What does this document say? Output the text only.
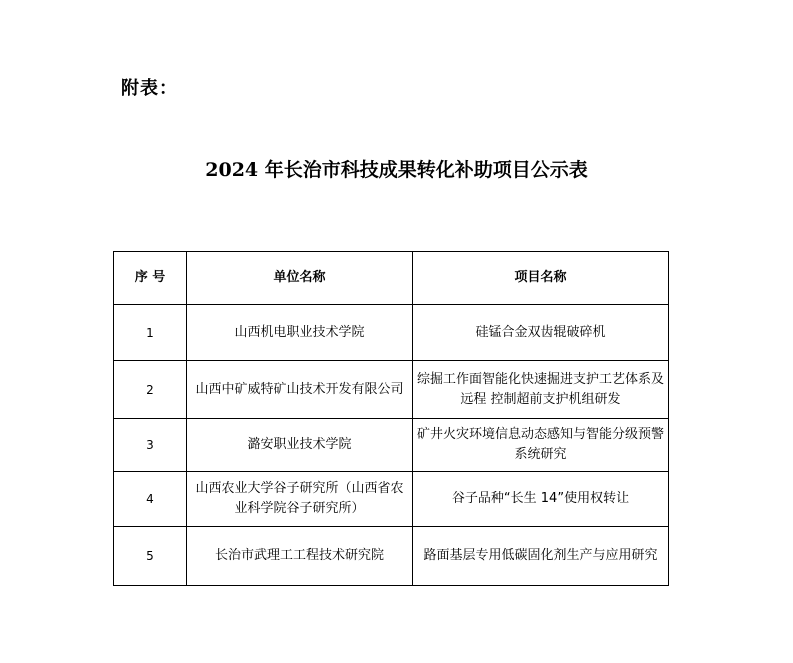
附表：
2024 年长治市科技成果转化补助项目公示表
序 号	单位名称	项目名称
1	山西机电职业技术学院	硅锰合金双齿辊破碎机
2	山西中矿威特矿山技术开发有限公司	综掘工作面智能化快速掘进支护工艺体系及远程 控制超前支护机组研发
3	潞安职业技术学院	矿井火灾环境信息动态感知与智能分级预警系统研究
4	山西农业大学谷子研究所（山西省农业科学院谷子研究所）	谷子品种“长生 14”使用权转让
5	长治市武理工工程技术研究院	路面基层专用低碳固化剂生产与应用研究
